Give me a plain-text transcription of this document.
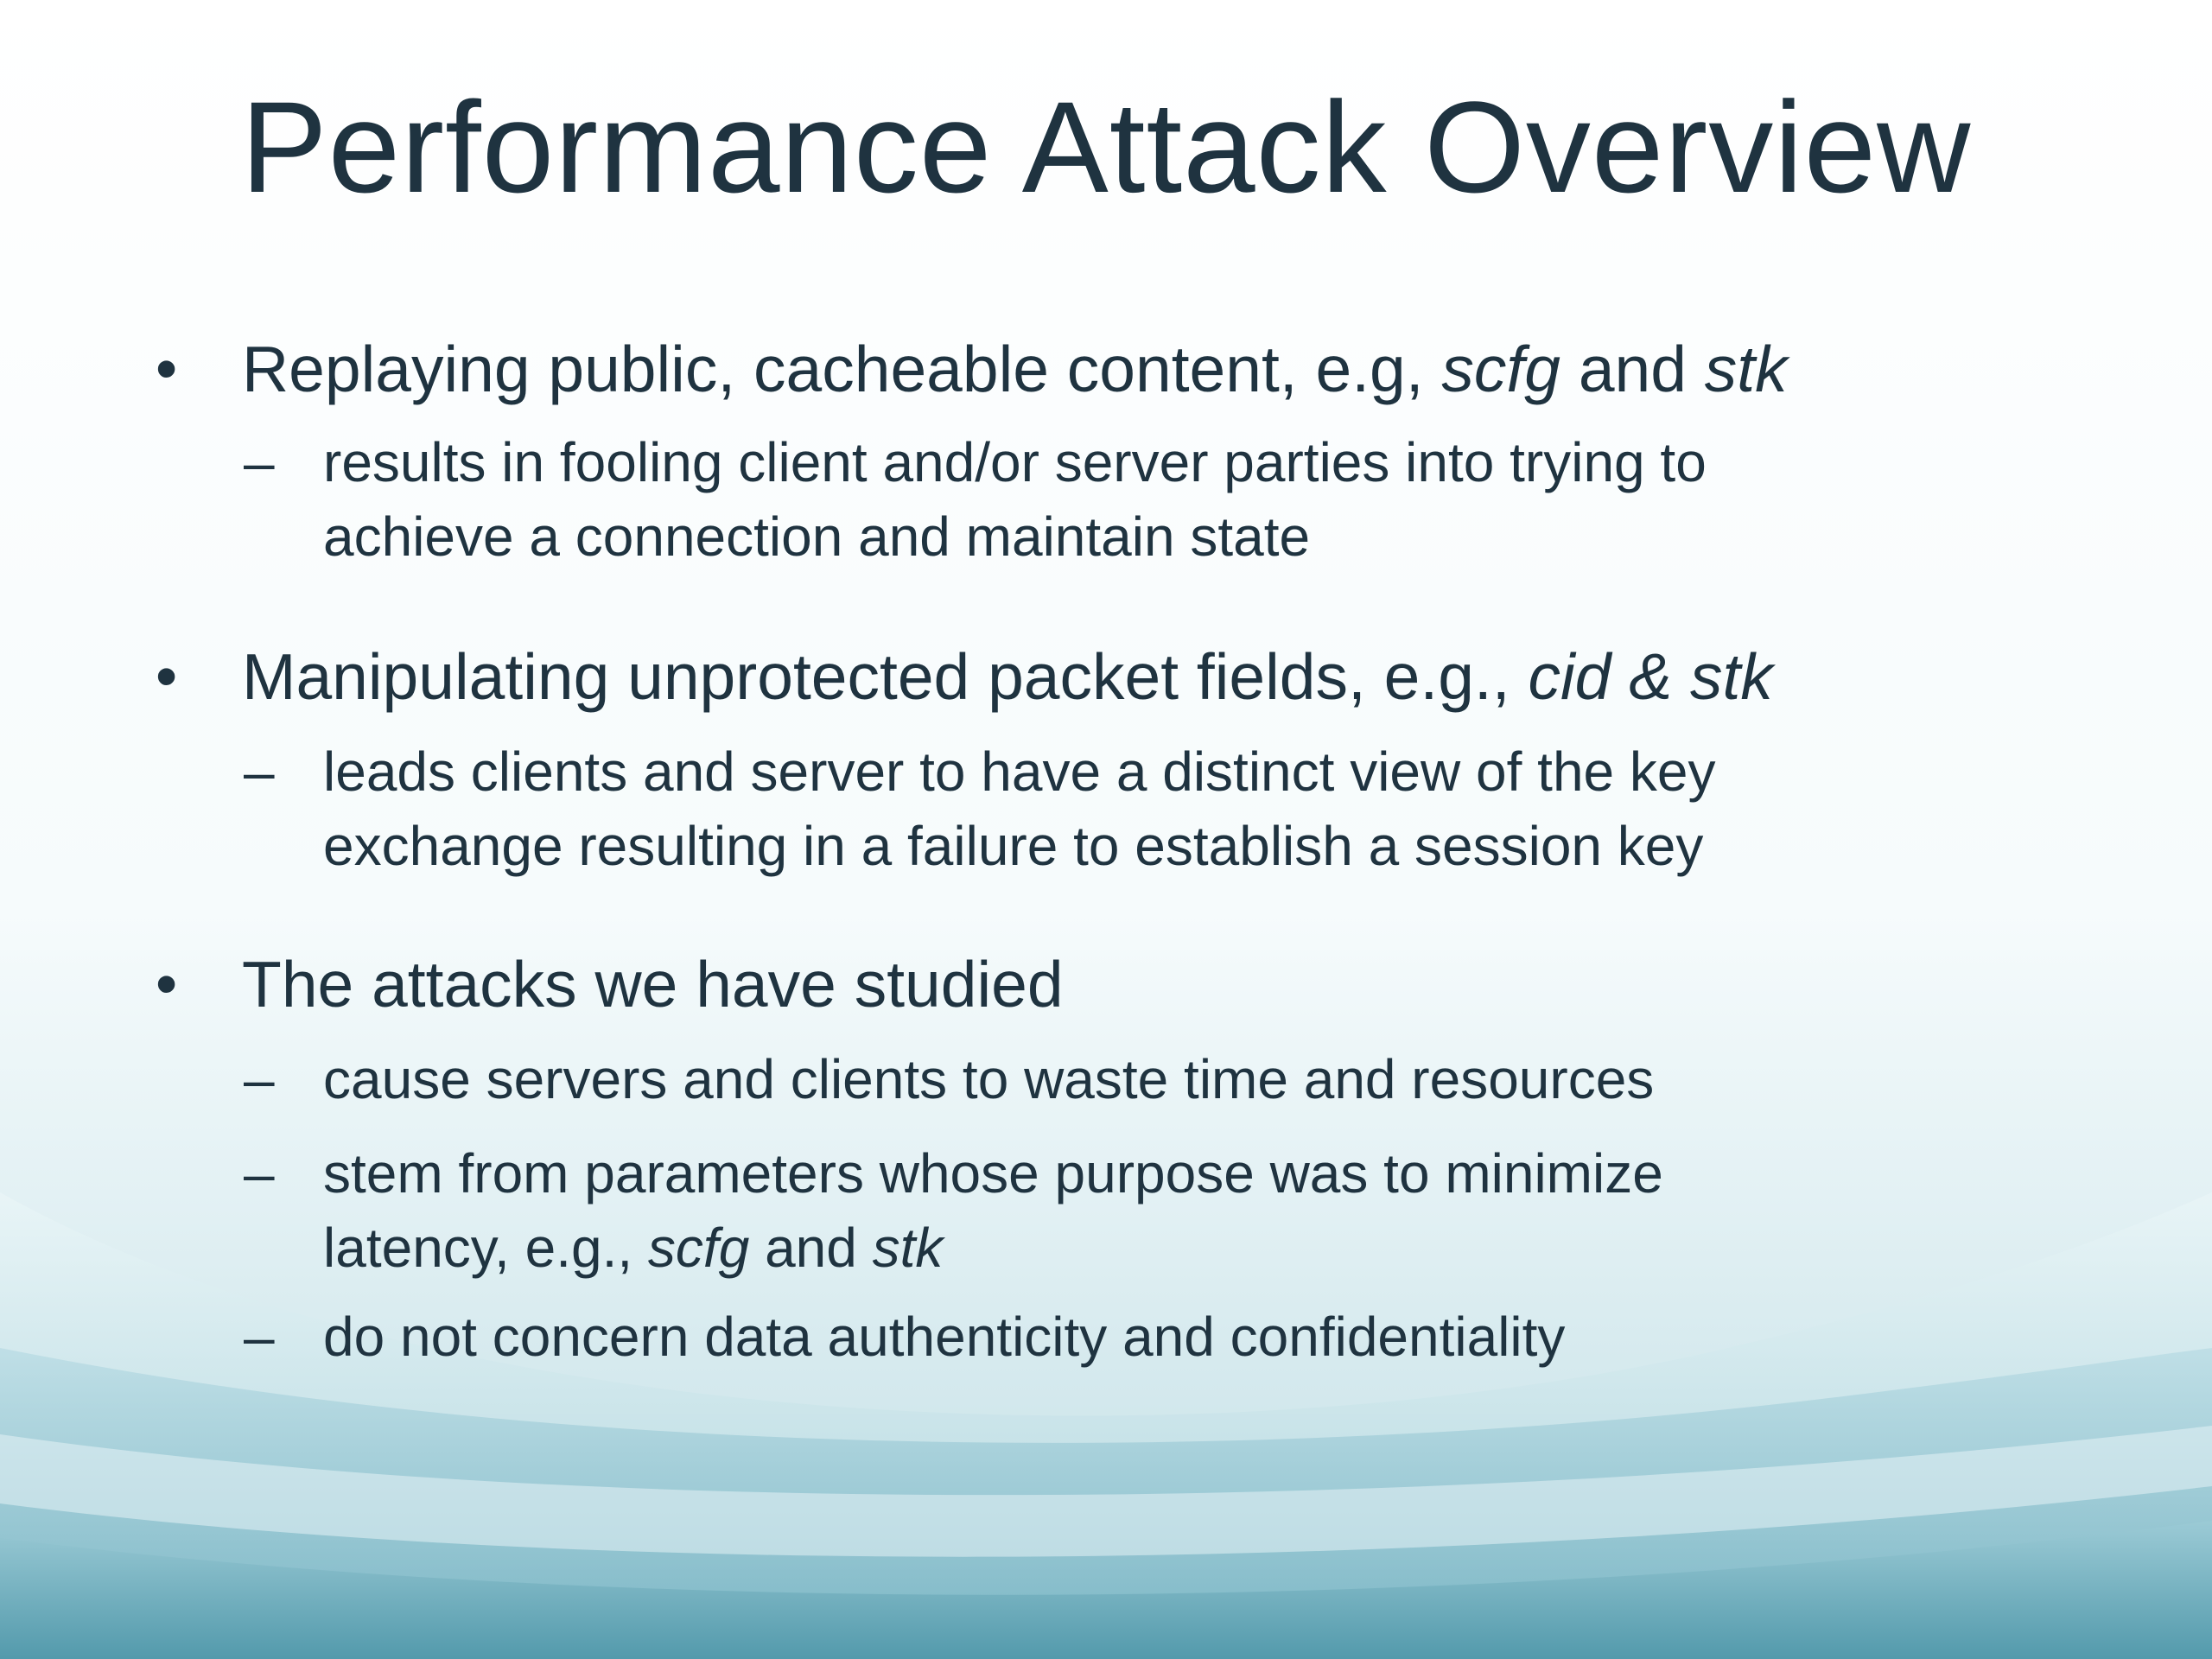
Performance Attack Overview
• Replaying public, cacheable content, e.g, scfg and stk
– results in fooling client and/or server parties into trying to
achieve a connection and maintain state
• Manipulating unprotected packet fields, e.g., cid & stk
– leads clients and server to have a distinct view of the key
exchange resulting in a failure to establish a session key
• The attacks we have studied
– cause servers and clients to waste time and resources
– stem from parameters whose purpose was to minimize
latency, e.g., scfg and stk
– do not concern data authenticity and confidentiality
